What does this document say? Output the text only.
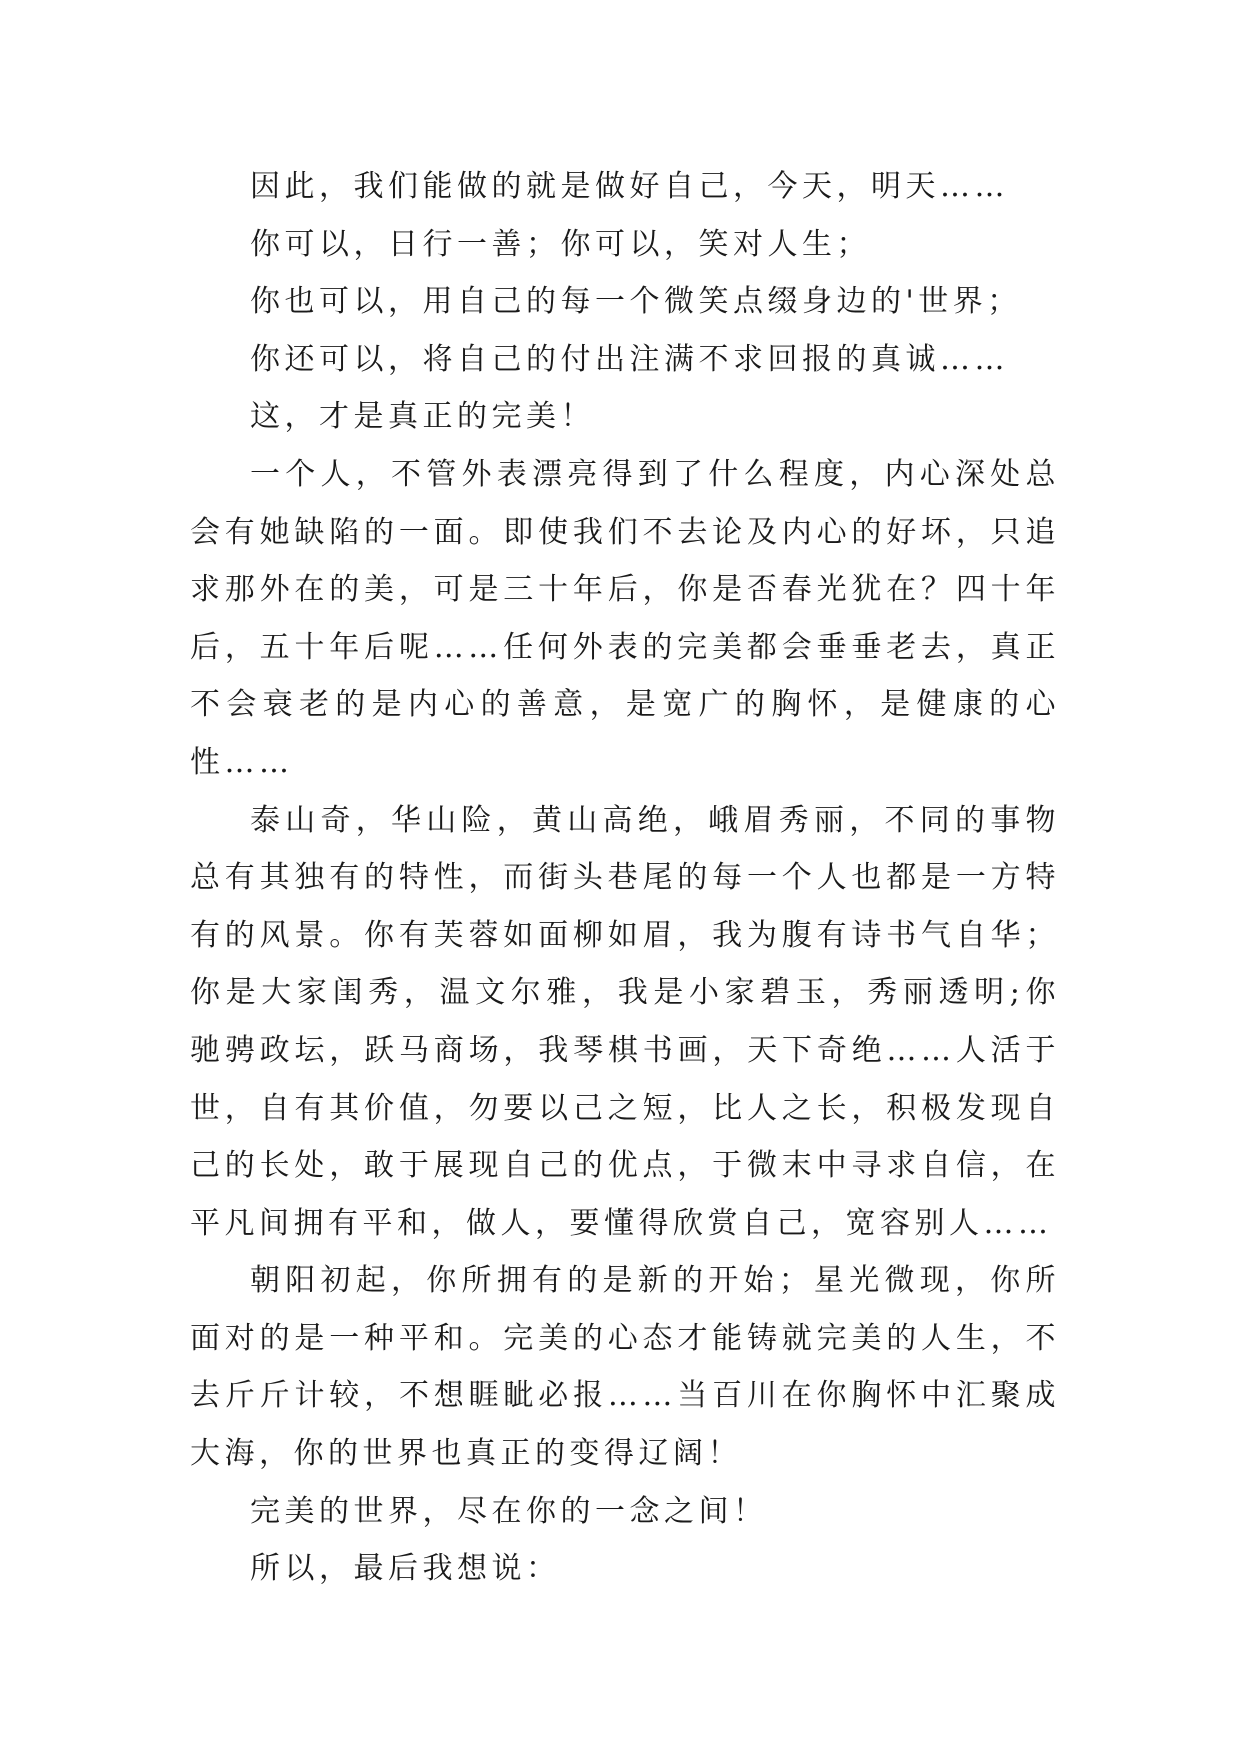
因此，我们能做的就是做好自己，今天，明天……

你可以，日行一善；你可以，笑对人生；

你也可以，用自己的每一个微笑点缀身边的'世界；

你还可以，将自己的付出注满不求回报的真诚……

这，才是真正的完美！

一个人，不管外表漂亮得到了什么程度，内心深处总会有她缺陷的一面。即使我们不去论及内心的好坏，只追求那外在的美，可是三十年后，你是否春光犹在？四十年后，五十年后呢……任何外表的完美都会垂垂老去，真正不会衰老的是内心的善意，是宽广的胸怀，是健康的心性……

泰山奇，华山险，黄山高绝，峨眉秀丽，不同的事物总有其独有的特性，而街头巷尾的每一个人也都是一方特有的风景。你有芙蓉如面柳如眉，我为腹有诗书气自华；你是大家闺秀，温文尔雅，我是小家碧玉，秀丽透明;你驰骋政坛，跃马商场，我琴棋书画，天下奇绝……人活于世，自有其价值，勿要以己之短，比人之长，积极发现自己的长处，敢于展现自己的优点，于微末中寻求自信，在平凡间拥有平和，做人，要懂得欣赏自己，宽容别人……

朝阳初起，你所拥有的是新的开始；星光微现，你所面对的是一种平和。完美的心态才能铸就完美的人生，不去斤斤计较，不想睚眦必报……当百川在你胸怀中汇聚成大海，你的世界也真正的变得辽阔！

完美的世界，尽在你的一念之间！

所以，最后我想说：
